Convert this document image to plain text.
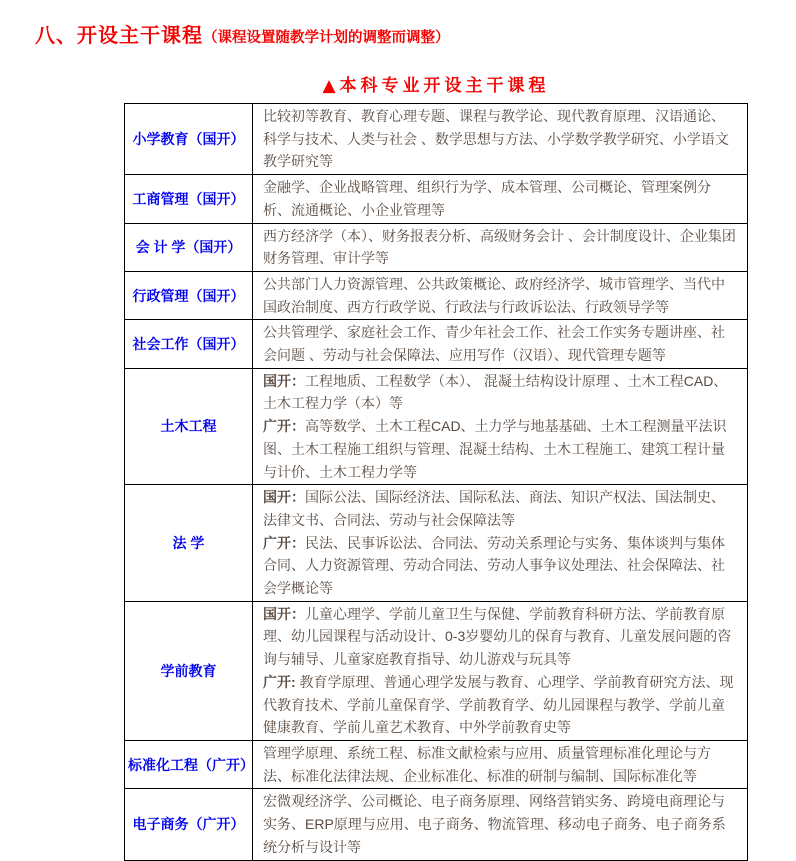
八、开设主干课程（课程设置随教学计划的调整而调整）
▲本科专业开设主干课程
小学教育（国开）	比较初等教育、教育心理专题、课程与教学论、现代教育原理、汉语通论、科学与技术、人类与社会 、数学思想与方法、小学数学教学研究、小学语文教学研究等

工商管理（国开）	金融学、企业战略管理、组织行为学、成本管理、公司概论、管理案例分析、流通概论、小企业管理等

会 计 学（国开）	西方经济学（本）、财务报表分析、高级财务会计 、会计制度设计、企业集团财务管理、审计学等

行政管理（国开）	公共部门人力资源管理、公共政策概论、政府经济学、城市管理学、当代中国政治制度、西方行政学说、行政法与行政诉讼法、行政领导学等

社会工作（国开）	公共管理学、家庭社会工作、青少年社会工作、社会工作实务专题讲座、社会问题 、劳动与社会保障法、应用写作（汉语）、现代管理专题等

土木工程	国开：工程地质、工程数学（本）、 混凝土结构设计原理 、土木工程CAD、 土木工程力学（本）等
广开：高等数学、土木工程CAD、土力学与地基基础、土木工程测量平法识图、土木工程施工组织与管理、混凝土结构、土木工程施工、建筑工程计量与计价、土木工程力学等

法 学	国开：国际公法、国际经济法、国际私法、商法、知识产权法、国法制史、法律文书、合同法、劳动与社会保障法等
广开：民法、民事诉讼法、合同法、劳动关系理论与实务、集体谈判与集体合同、人力资源管理、劳动合同法、劳动人事争议处理法、社会保障法、社会学概论等

学前教育	国开：儿童心理学、学前儿童卫生与保健、学前教育科研方法、学前教育原理、幼儿园课程与活动设计、0-3岁婴幼儿的保育与教育、儿童发展问题的咨询与辅导、儿童家庭教育指导、幼儿游戏与玩具等
广开: 教育学原理、普通心理学发展与教育、心理学、学前教育研究方法、现代教育技术、学前儿童保育学、学前教育学、幼儿园课程与教学、学前儿童健康教育、学前儿童艺术教育、中外学前教育史等

标准化工程（广开）	管理学原理、系统工程、标准文献检索与应用、质量管理标准化理论与方法、标准化法律法规、企业标准化、标准的研制与编制、国际标准化等

电子商务（广开）	宏微观经济学、公司概论、电子商务原理、网络营销实务、跨境电商理论与实务、ERP原理与应用、电子商务、物流管理、移动电子商务、电子商务系统分析与设计等
